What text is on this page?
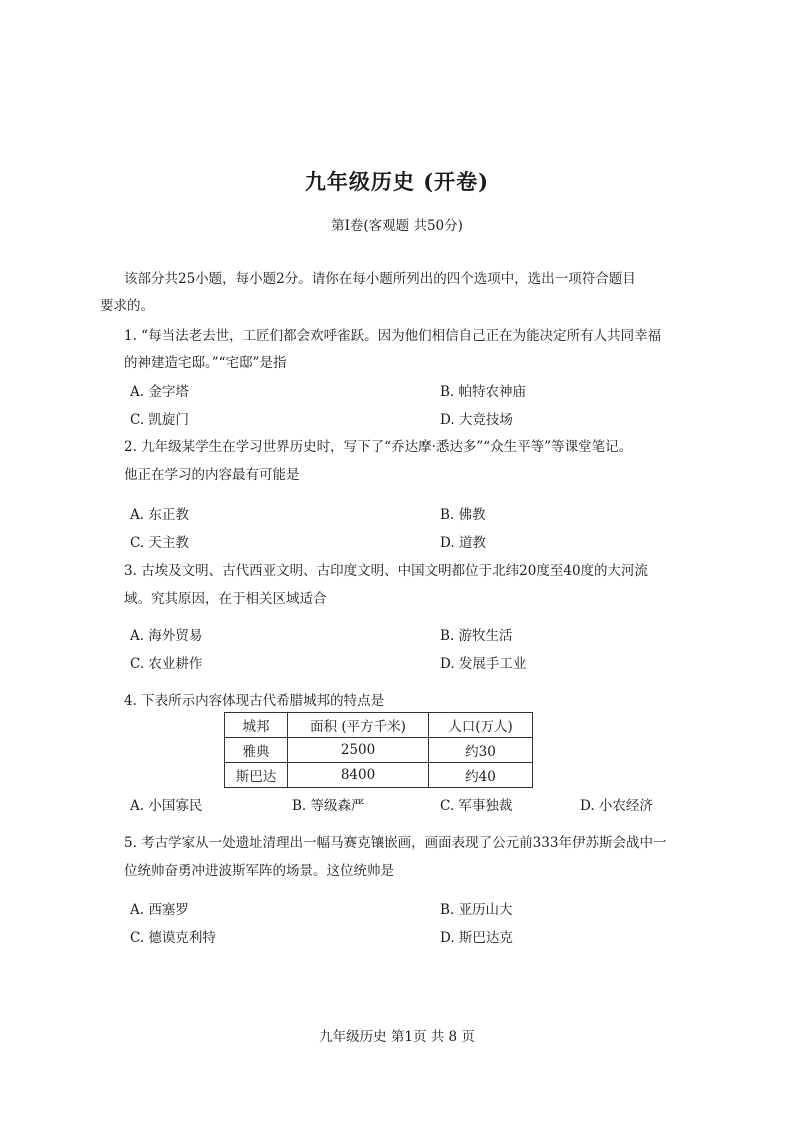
九年级历史 (开卷)
第Ⅰ卷(客观题 共50分)
该部分共25小题，每小题2分。请你在每小题所列出的四个选项中，选出一项符合题目
要求的。
1. “每当法老去世，工匠们都会欢呼雀跃。因为他们相信自己正在为能决定所有人共同幸福
的神建造宅邸。”“宅邸”是指
A. 金字塔	B. 帕特农神庙
C. 凯旋门	D. 大竞技场
2. 九年级某学生在学习世界历史时，写下了“乔达摩·悉达多”“众生平等”等课堂笔记。
他正在学习的内容最有可能是
A. 东正教	B. 佛教
C. 天主教	D. 道教
3. 古埃及文明、古代西亚文明、古印度文明、中国文明都位于北纬20度至40度的大河流
域。究其原因，在于相关区域适合
A. 海外贸易	B. 游牧生活
C. 农业耕作	D. 发展手工业
4. 下表所示内容体现古代希腊城邦的特点是
城邦	面积 (平方千米)	人口(万人)
雅典	2500	约30
斯巴达	8400	约40
A. 小国寡民	B. 等级森严	C. 军事独裁	D. 小农经济
5. 考古学家从一处遗址清理出一幅马赛克镶嵌画，画面表现了公元前333年伊苏斯会战中一
位统帅奋勇冲进波斯军阵的场景。这位统帅是
A. 西塞罗	B. 亚历山大
C. 德谟克利特	D. 斯巴达克
九年级历史 第1页 共 8 页
